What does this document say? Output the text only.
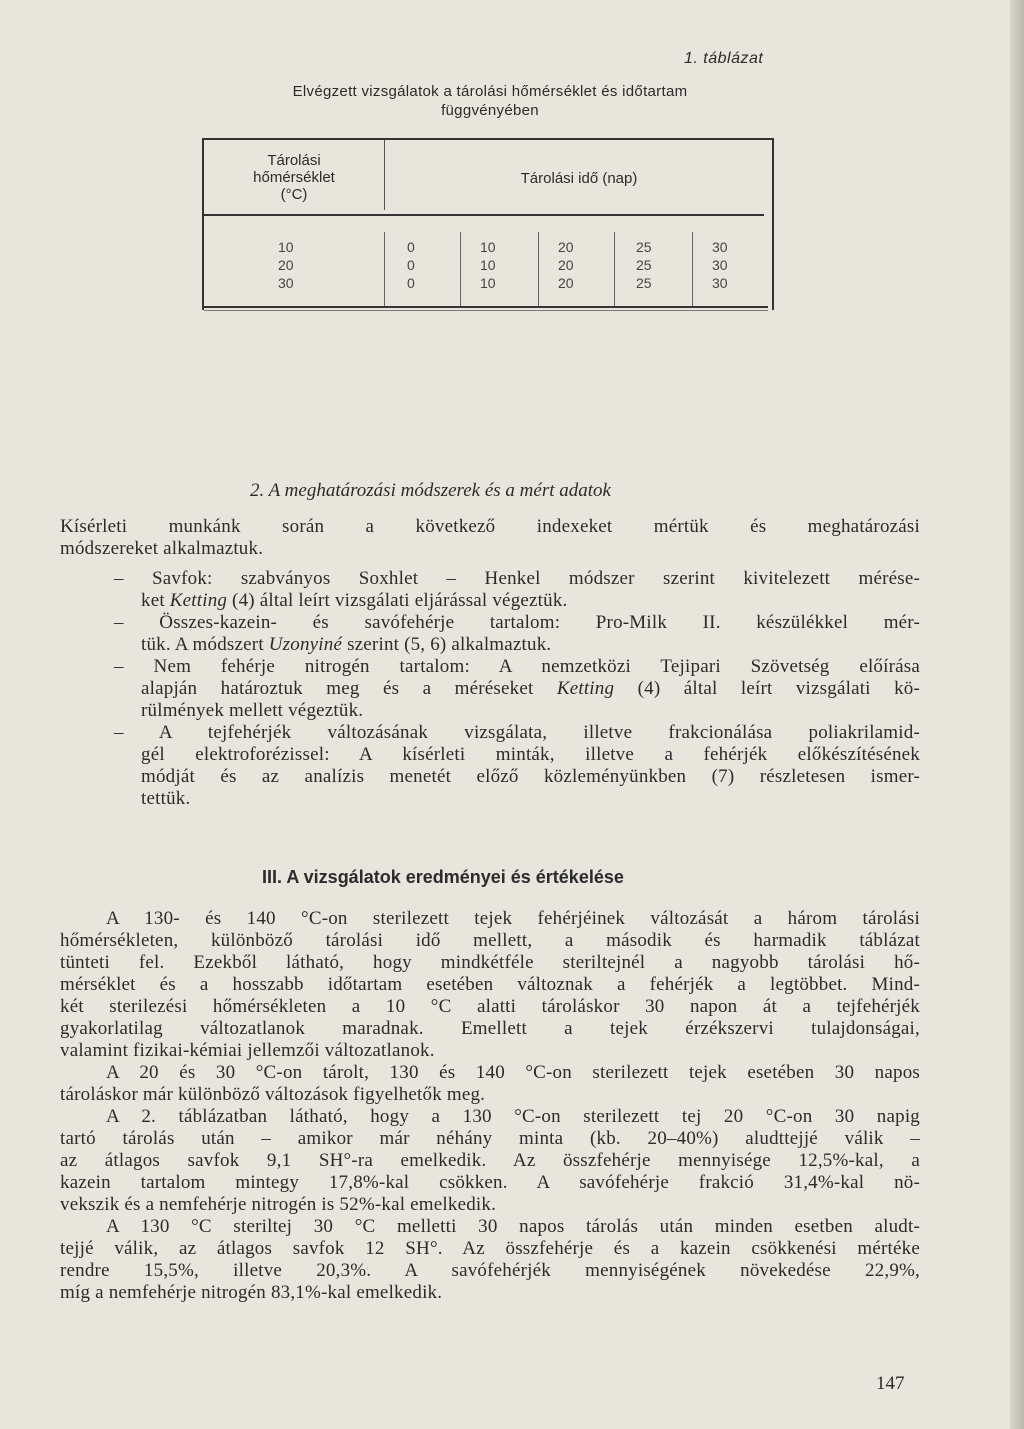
1. táblázat
Elvégzett vizsgálatok a tárolási hőmérséklet és időtartam
függvényében
Tárolási
hőmérséklet
(°C)
Tárolási idő (nap)
10
20
30
0
0
0
10
10
10
20
20
20
25
25
25
30
30
30
2. A meghatározási módszerek és a mért adatok
Kísérleti munkánk során a következő indexeket mértük és meghatározási
módszereket alkalmaztuk.
– Savfok: szabványos Soxhlet – Henkel módszer szerint kivitelezett mérése-
ket Ketting (4) által leírt vizsgálati eljárással végeztük.
– Összes-kazein- és savófehérje tartalom: Pro-Milk II. készülékkel mér-
tük. A módszert Uzonyiné szerint (5, 6) alkalmaztuk.
– Nem fehérje nitrogén tartalom: A nemzetközi Tejipari Szövetség előírása
alapján határoztuk meg és a méréseket Ketting (4) által leírt vizsgálati kö-
rülmények mellett végeztük.
– A tejfehérjék változásának vizsgálata, illetve frakcionálása poliakrilamid-
gél elektroforézissel: A kísérleti minták, illetve a fehérjék előkészítésének
módját és az analízis menetét előző közleményünkben (7) részletesen ismer-
tettük.
III. A vizsgálatok eredményei és értékelése
A 130- és 140 °C-on sterilezett tejek fehérjéinek változását a három tárolási
hőmérsékleten, különböző tárolási idő mellett, a második és harmadik táblázat
tünteti fel. Ezekből látható, hogy mindkétféle steriltejnél a nagyobb tárolási hő-
mérséklet és a hosszabb időtartam esetében változnak a fehérjék a legtöbbet. Mind-
két sterilezési hőmérsékleten a 10 °C alatti tároláskor 30 napon át a tejfehérjék
gyakorlatilag változatlanok maradnak. Emellett a tejek érzékszervi tulajdonságai,
valamint fizikai-kémiai jellemzői változatlanok.
A 20 és 30 °C-on tárolt, 130 és 140 °C-on sterilezett tejek esetében 30 napos
tároláskor már különböző változások figyelhetők meg.
A 2. táblázatban látható, hogy a 130 °C-on sterilezett tej 20 °C-on 30 napig
tartó tárolás után – amikor már néhány minta (kb. 20–40%) aludttejjé válik –
az átlagos savfok 9,1 SH°-ra emelkedik. Az összfehérje mennyisége 12,5%-kal, a
kazein tartalom mintegy 17,8%-kal csökken. A savófehérje frakció 31,4%-kal nö-
vekszik és a nemfehérje nitrogén is 52%-kal emelkedik.
A 130 °C steriltej 30 °C melletti 30 napos tárolás után minden esetben aludt-
tejjé válik, az átlagos savfok 12 SH°. Az összfehérje és a kazein csökkenési mértéke
rendre 15,5%, illetve 20,3%. A savófehérjék mennyiségének növekedése 22,9%,
míg a nemfehérje nitrogén 83,1%-kal emelkedik.
147
